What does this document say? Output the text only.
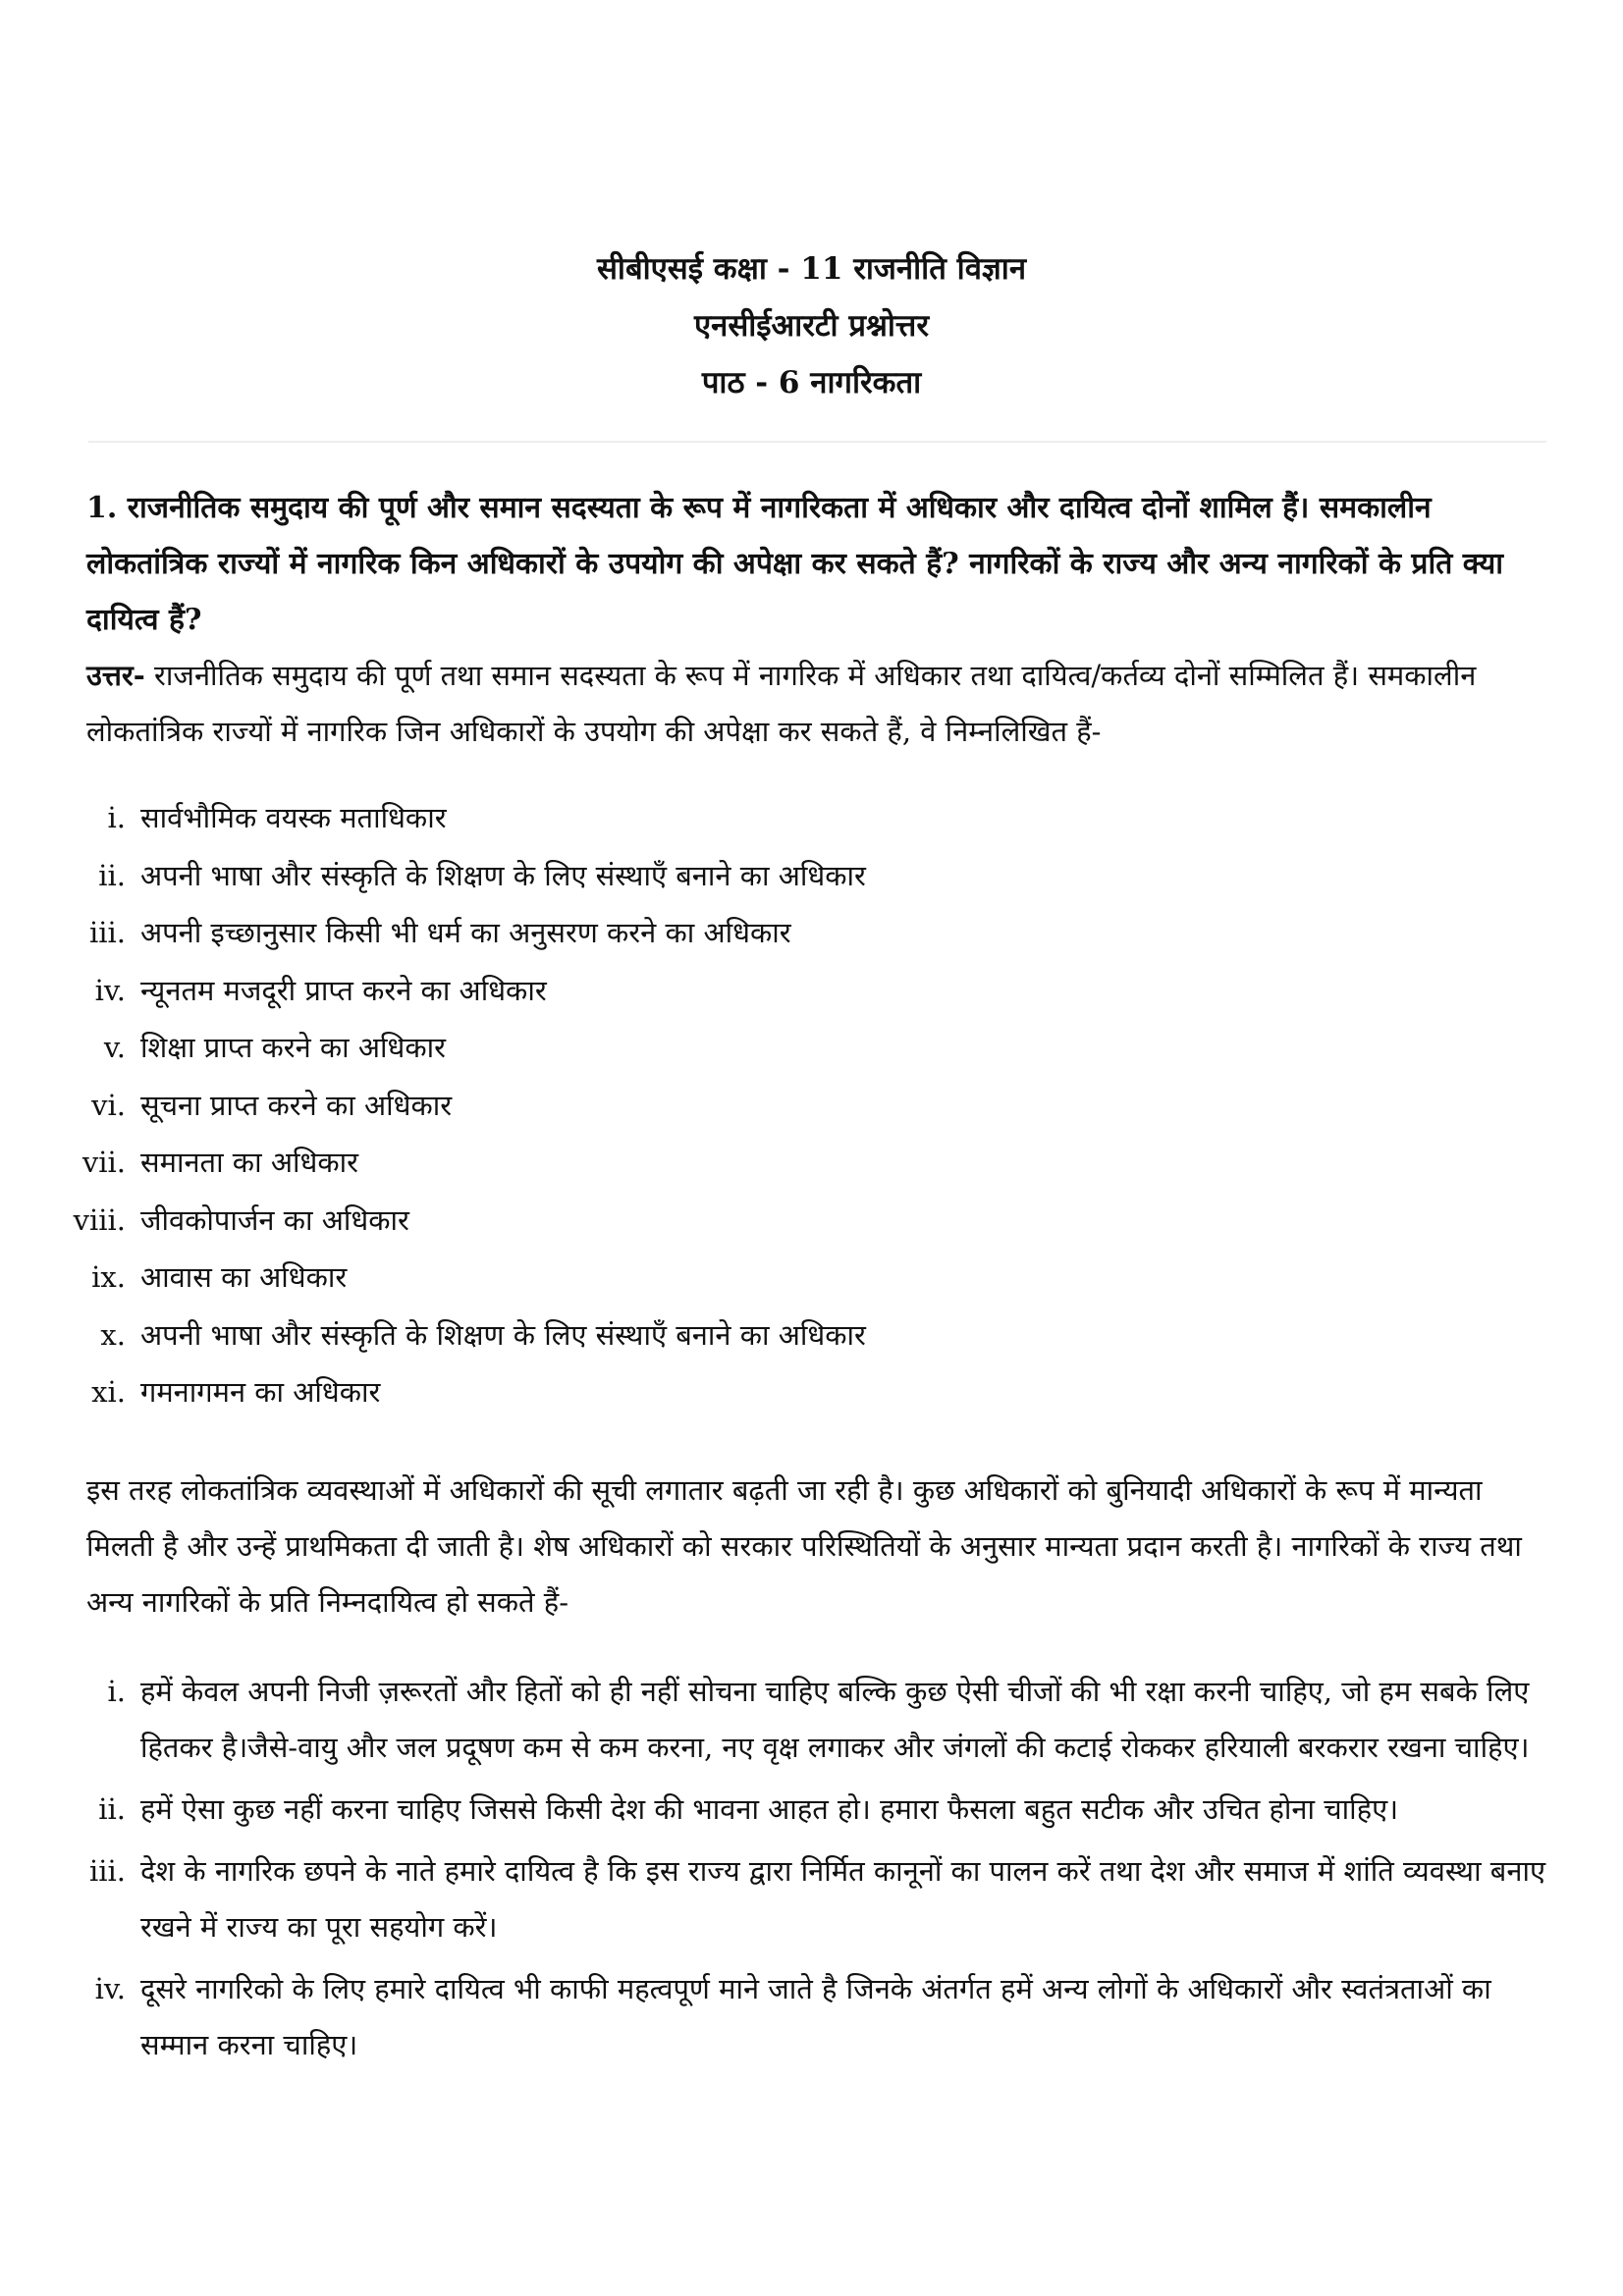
सीबीएसई कक्षा - 11 राजनीति विज्ञान
एनसीईआरटी प्रश्नोत्तर
पाठ - 6 नागरिकता

1. राजनीतिक समुदाय की पूर्ण और समान सदस्यता के रूप में नागरिकता में अधिकार और दायित्व दोनों शामिल हैं। समकालीन लोकतांत्रिक राज्यों में नागरिक किन अधिकारों के उपयोग की अपेक्षा कर सकते हैं? नागरिकों के राज्य और अन्य नागरिकों के प्रति क्या दायित्व हैं?

उत्तर- राजनीतिक समुदाय की पूर्ण तथा समान सदस्यता के रूप में नागरिक में अधिकार तथा दायित्व/कर्तव्य दोनों सम्मिलित हैं। समकालीन लोकतांत्रिक राज्यों में नागरिक जिन अधिकारों के उपयोग की अपेक्षा कर सकते हैं, वे निम्नलिखित हैं-

i. सार्वभौमिक वयस्क मताधिकार
ii. अपनी भाषा और संस्कृति के शिक्षण के लिए संस्थाएँ बनाने का अधिकार
iii. अपनी इच्छानुसार किसी भी धर्म का अनुसरण करने का अधिकार
iv. न्यूनतम मजदूरी प्राप्त करने का अधिकार
v. शिक्षा प्राप्त करने का अधिकार
vi. सूचना प्राप्त करने का अधिकार
vii. समानता का अधिकार
viii. जीवकोपार्जन का अधिकार
ix. आवास का अधिकार
x. अपनी भाषा और संस्कृति के शिक्षण के लिए संस्थाएँ बनाने का अधिकार
xi. गमनागमन का अधिकार

इस तरह लोकतांत्रिक व्यवस्थाओं में अधिकारों की सूची लगातार बढ़ती जा रही है। कुछ अधिकारों को बुनियादी अधिकारों के रूप में मान्यता मिलती है और उन्हें प्राथमिकता दी जाती है। शेष अधिकारों को सरकार परिस्थितियों के अनुसार मान्यता प्रदान करती है। नागरिकों के राज्य तथा अन्य नागरिकों के प्रति निम्नदायित्व हो सकते हैं-

i. हमें केवल अपनी निजी ज़रूरतों और हितों को ही नहीं सोचना चाहिए बल्कि कुछ ऐसी चीजों की भी रक्षा करनी चाहिए, जो हम सबके लिए हितकर है।जैसे-वायु और जल प्रदूषण कम से कम करना, नए वृक्ष लगाकर और जंगलों की कटाई रोककर हरियाली बरकरार रखना चाहिए।
ii. हमें ऐसा कुछ नहीं करना चाहिए जिससे किसी देश की भावना आहत हो। हमारा फैसला बहुत सटीक और उचित होना चाहिए।
iii. देश के नागरिक छपने के नाते हमारे दायित्व है कि इस राज्य द्वारा निर्मित कानूनों का पालन करें तथा देश और समाज में शांति व्यवस्था बनाए रखने में राज्य का पूरा सहयोग करें।
iv. दूसरे नागरिको के लिए हमारे दायित्व भी काफी महत्वपूर्ण माने जाते है जिनके अंतर्गत हमें अन्य लोगों के अधिकारों और स्वतंत्रताओं का सम्मान करना चाहिए।
